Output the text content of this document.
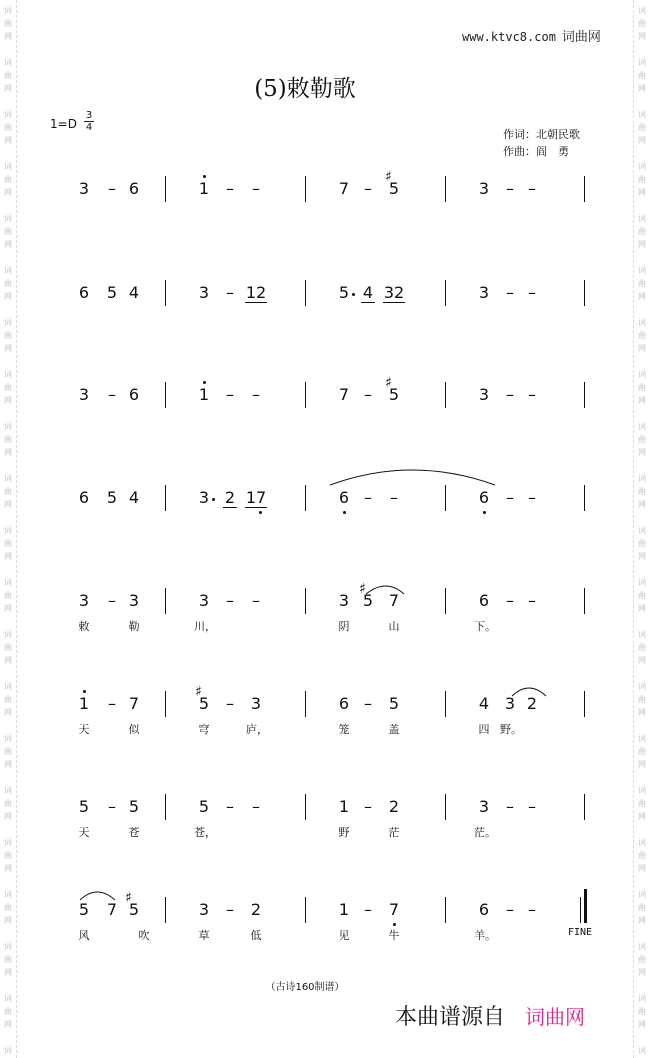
词
曲
网
词
曲
网
词
曲
网
词
曲
网
词
曲
网
词
曲
网
词
曲
网
词
曲
网
词
曲
网
词
曲
网
词
曲
网
词
曲
网
词
曲
网
词
曲
网
词
曲
网
词
曲
网
词
曲
网
词
曲
网
词
曲
网
词
曲
网
词
词
曲
网
词
曲
网
词
曲
网
词
曲
网
词
曲
网
词
曲
网
词
曲
网
词
曲
网
词
曲
网
词
曲
网
词
曲
网
词
曲
网
词
曲
网
词
曲
网
词
曲
网
词
曲
网
词
曲
网
词
曲
网
词
曲
网
词
曲
网
词
www.ktvc8.com 词曲网
(5)敕勒歌
1=D
3
4
作词：北朝民歌
作曲：阎　勇
3 – 6	1 – –	7 – 5
♯
3 – –
6 5 4	3 – 12	5 4 32	3 – –
3 – 6	1 – –	7 – 5
♯
3 – –
6 5 4	3 2 17	6 – –	6 – –
3 – 3	3 – –	3 5
♯
7	6 – –
敕	勒	川，	阴	山	下。
1 – 7	5
♯
– 3	6 – 5	4 3 2
天	似	穹	庐，	笼	盖	四 野。
5 – 5	5 – –	1 – 2	3 – –
天	苍	苍，	野	茫	茫。
5 7 5
♯
3 – 2	1 – 7	6 – –
FINE
风	吹	草	低	见	牛	羊。
（古诗160制谱）
本曲谱源自 词曲网
